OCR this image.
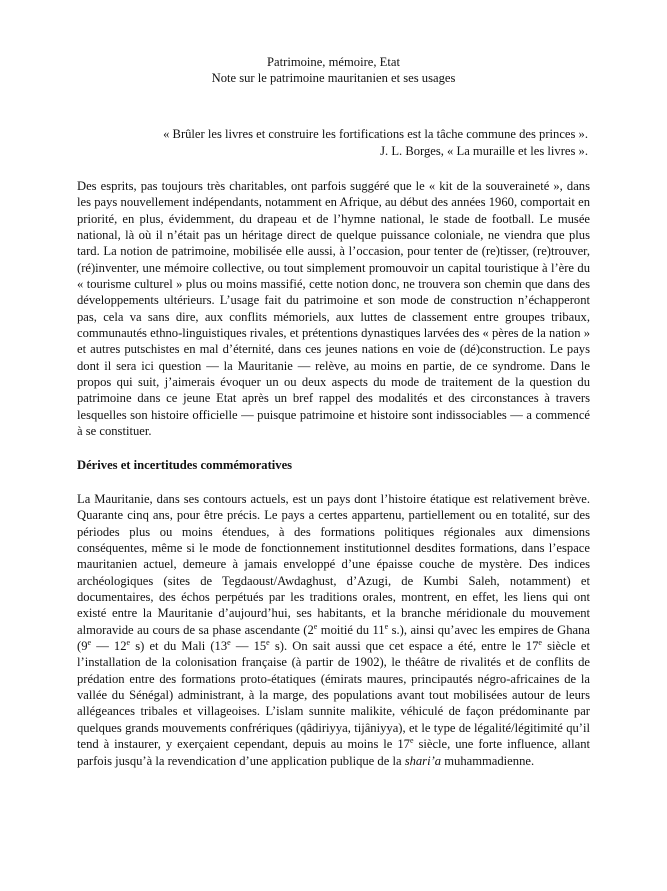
Patrimoine, mémoire, Etat
Note sur le patrimoine mauritanien et ses usages
« Brûler les livres et construire les fortifications est la tâche commune des princes ».
J. L. Borges, « La muraille et les livres ».

Des esprits, pas toujours très charitables, ont parfois suggéré que le « kit de la souveraineté », dans les pays nouvellement indépendants, notamment en Afrique, au début des années 1960, comportait en priorité, en plus, évidemment, du drapeau et de l’hymne national, le stade de football. Le musée national, là où il n’était pas un héritage direct de quelque puissance coloniale, ne viendra que plus tard. La notion de patrimoine, mobilisée elle aussi, à l’occasion, pour tenter de (re)tisser, (re)trouver, (ré)inventer, une mémoire collective, ou tout simplement promouvoir un capital touristique à l’ère du « tourisme culturel » plus ou moins massifié, cette notion donc, ne trouvera son chemin que dans des développements ultérieurs. L’usage fait du patrimoine et son mode de construction n’échapperont pas, cela va sans dire, aux conflits mémoriels, aux luttes de classement entre groupes tribaux, communautés ethno-linguistiques rivales, et prétentions dynastiques larvées des « pères de la nation » et autres putschistes en mal d’éternité, dans ces jeunes nations en voie de (dé)construction. Le pays dont il sera ici question — la Mauritanie — relève, au moins en partie, de ce syndrome. Dans le propos qui suit, j’aimerais évoquer un ou deux aspects du mode de traitement de la question du patrimoine dans ce jeune Etat après un bref rappel des modalités et des circonstances à travers lesquelles son histoire officielle — puisque patrimoine et histoire sont indissociables — a commencé à se constituer.

Dérives et incertitudes commémoratives

La Mauritanie, dans ses contours actuels, est un pays dont l’histoire étatique est relativement brève. Quarante cinq ans, pour être précis. Le pays a certes appartenu, partiellement ou en totalité, sur des périodes plus ou moins étendues, à des formations politiques régionales aux dimensions conséquentes, même si le mode de fonctionnement institutionnel desdites formations, dans l’espace mauritanien actuel, demeure à jamais enveloppé d’une épaisse couche de mystère. Des indices archéologiques (sites de Tegdaoust/Awdaghust, d’Azugi, de Kumbi Saleh, notamment) et documentaires, des échos perpétués par les traditions orales, montrent, en effet, les liens qui ont existé entre la Mauritanie d’aujourd’hui, ses habitants, et la branche méridionale du mouvement almoravide au cours de sa phase ascendante (2e moitié du 11e s.), ainsi qu’avec les empires de Ghana (9e — 12e s) et du Mali (13e — 15e s). On sait aussi que cet espace a été, entre le 17e siècle et l’installation de la colonisation française (à partir de 1902), le théâtre de rivalités et de conflits de prédation entre des formations proto-étatiques (émirats maures, principautés négro-africaines de la vallée du Sénégal) administrant, à la marge, des populations avant tout mobilisées autour de leurs allégeances tribales et villageoises. L’islam sunnite malikite, véhiculé de façon prédominante par quelques grands mouvements confrériques (qâdiriyya, tijâniyya), et le type de légalité/légitimité qu’il tend à instaurer, y exerçaient cependant, depuis au moins le 17e siècle, une forte influence, allant parfois jusqu’à la revendication d’une application publique de la shari’a muhammadienne.
